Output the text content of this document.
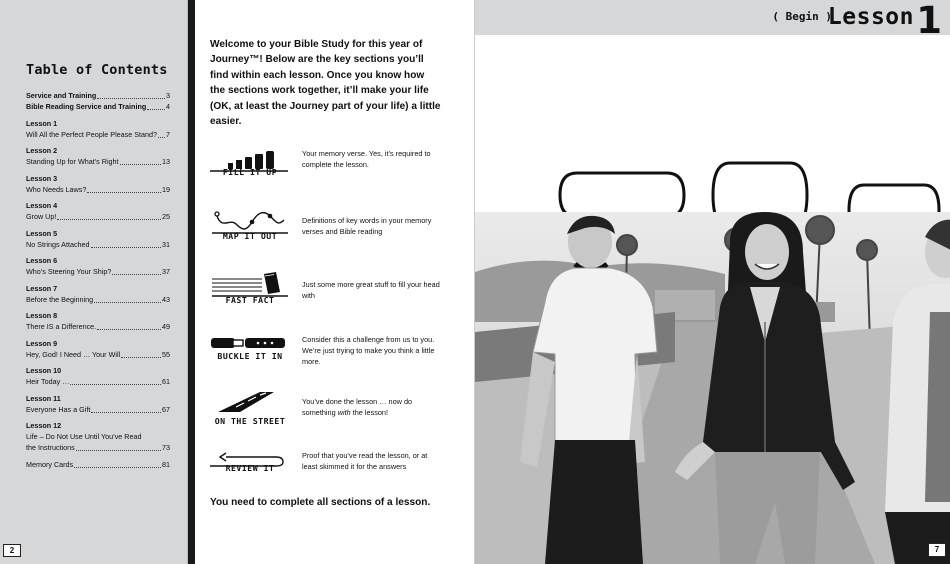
Table of Contents
Service and Training	3
Bible Reading Service and Training	4
Lesson 1
Will All the Perfect People Please Stand? 7
Lesson 2
Standing Up for What’s Right	13
Lesson 3
Who Needs Laws?	19
Lesson 4
Grow Up!	25
Lesson 5
No Strings Attached	31
Lesson 6
Who’s Steering Your Ship?	37
Lesson 7
Before the Beginning	43
Lesson 8
There IS a Difference.	49
Lesson 9
Hey, God! I Need … Your Will	55
Lesson 10
Heir Today …	61
Lesson 11
Everyone Has a Gift	67
Lesson 12
Life – Do Not Use Until You’ve Read
the Instructions	73
Memory Cards	81
2
Welcome to your Bible Study for this year of Journey™! Below are the key sections you’ll find within each lesson. Once you know how the sections work together, it’ll make your life (OK, at least the Journey part of your life) a little easier.
FILL IT UP
Your memory verse. Yes, it’s required to complete the lesson.
MAP IT OUT
Definitions of key words in your memory verses and Bible reading
FAST FACT
Just some more great stuff to fill your head with
BUCKLE IT IN
Consider this a challenge from us to you. We’re just trying to make you think a little more.
ON THE STREET
You’ve done the lesson … now do something with the lesson!
REVIEW IT
Proof that you’ve read the lesson, or at least skimmed it for the answers
You need to complete all sections of a lesson.
( Begin )
Lesson 1
7
